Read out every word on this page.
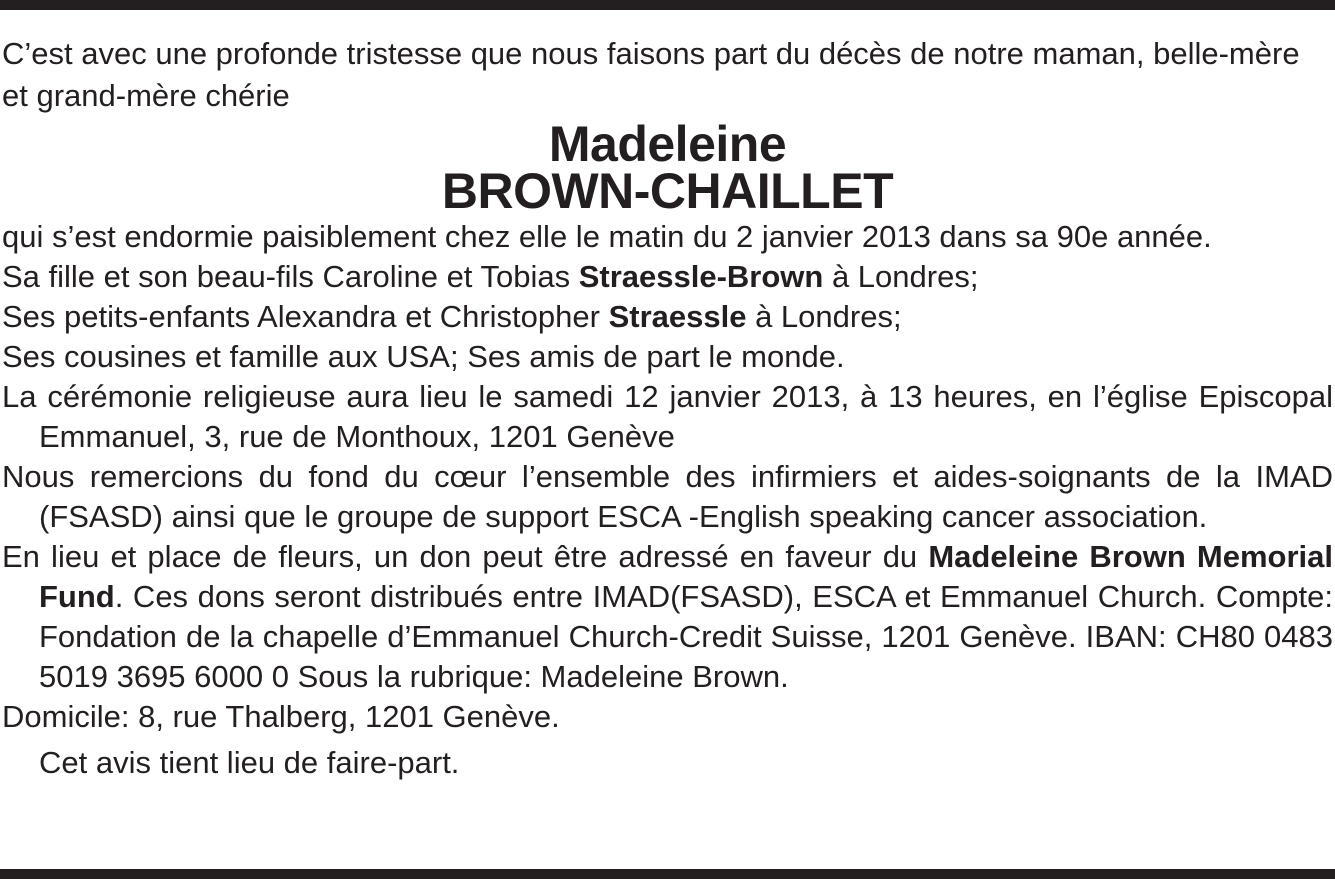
C’est avec une profonde tristesse que nous faisons part du décès de notre maman, belle-mère et grand-mère chérie

Madeleine

BROWN-CHAILLET

qui s’est endormie paisiblement chez elle le matin du 2 janvier 2013 dans sa 90e année.

Sa fille et son beau-fils Caroline et Tobias Straessle-Brown à Londres;

Ses petits-enfants Alexandra et Christopher Straessle à Londres;

Ses cousines et famille aux USA; Ses amis de part le monde.

La cérémonie religieuse aura lieu le samedi 12 janvier 2013, à 13 heures, en l’église Episcopal Emmanuel, 3, rue de Monthoux, 1201 Genève

Nous remercions du fond du cœur l’ensemble des infirmiers et aides-soignants de la IMAD (FSASD) ainsi que le groupe de support ESCA -English speaking cancer association.

En lieu et place de fleurs, un don peut être adressé en faveur du Madeleine Brown Memorial Fund. Ces dons seront distribués entre IMAD(FSASD), ESCA et Emmanuel Church. Compte: Fondation de la chapelle d’Emmanuel Church-Credit Suisse, 1201 Genève. IBAN: CH80 0483 5019 3695 6000 0 Sous la rubrique: Madeleine Brown.

Domicile: 8, rue Thalberg, 1201 Genève.

Cet avis tient lieu de faire-part.
